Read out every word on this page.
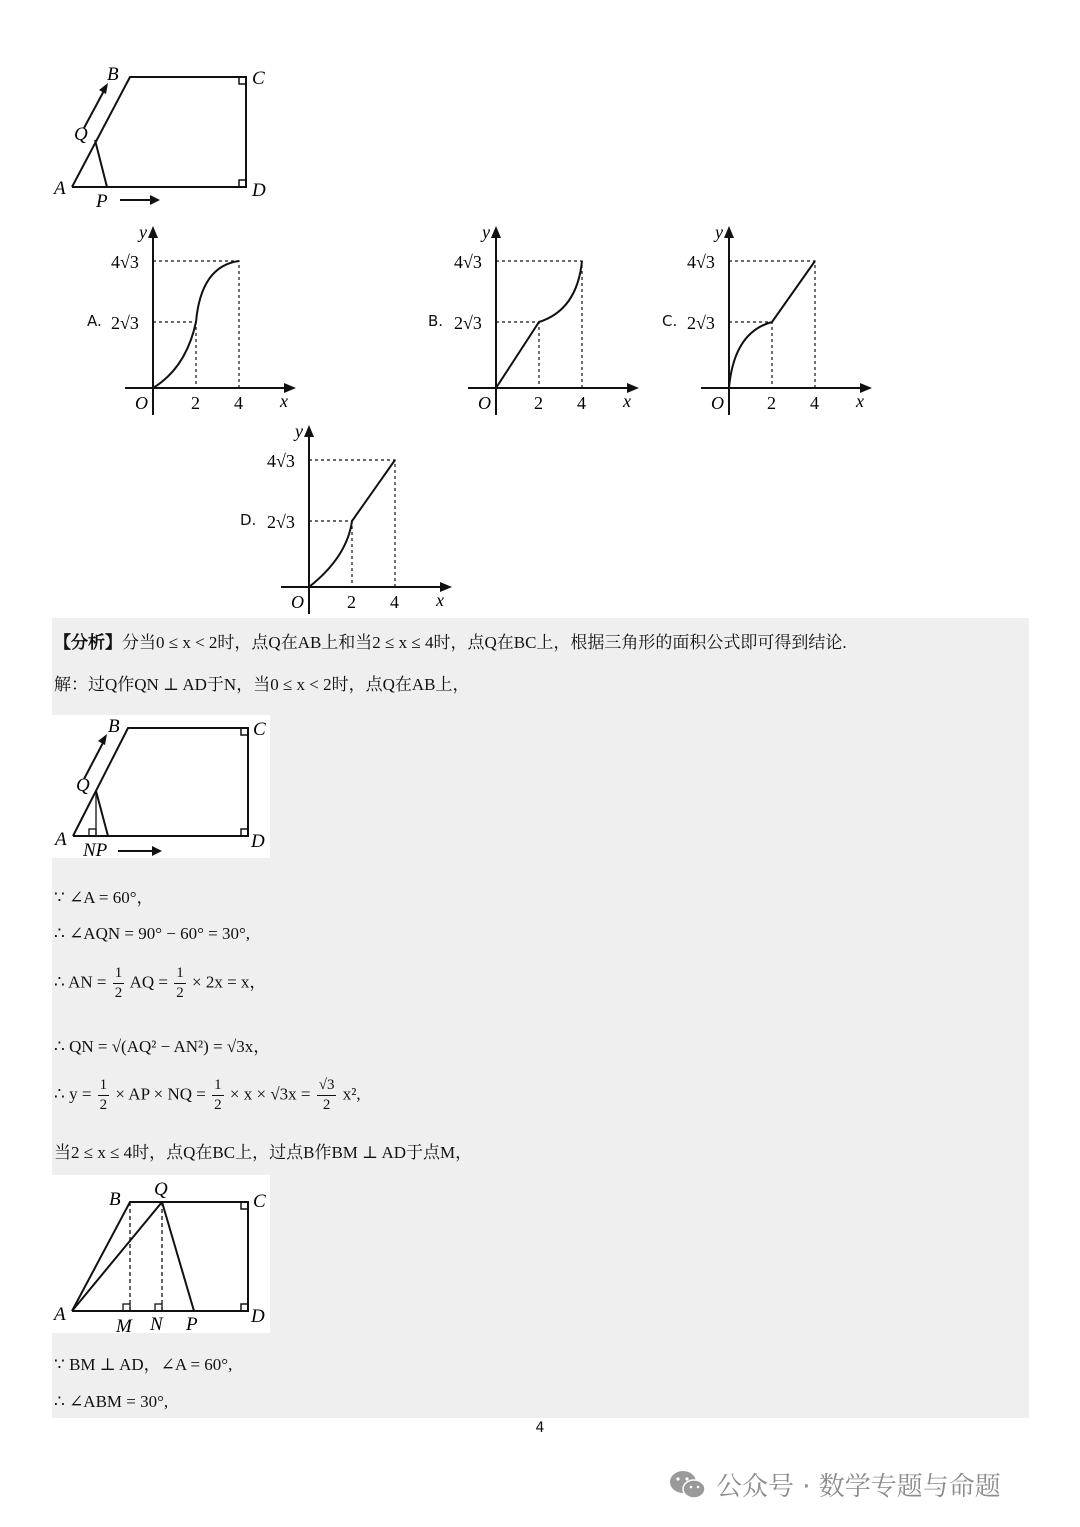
B	C
A	D
Q
P
A.	B.	C.
D.
4√3
2√3
2 4
O	x
y
4√3
2√3
2 4
O	x
y
4√3
2√3
2 4
O	x
y
4√3
2√3
2 4
O	x
y
【分析】分当0 ≤ x < 2时，点Q在AB上和当2 ≤ x ≤ 4时，点Q在BC上，根据三角形的面积公式即可得到结论.
解：过Q作QN ⊥ AD于N，当0 ≤ x < 2时，点Q在AB上，
B	C
A	D
Q
NP
∵ ∠A = 60°，
∴ ∠AQN = 90° − 60° = 30°,
∴ AN = $\frac{1}{2}$ AQ = $\frac{1}{2} \times 2x = x$，
∴ QN = √(AQ² − AN²) = √3x，
∴ $y = \frac{1}{2}$ × AP × NQ = $\frac{1}{2} \times x \times √3x = \frac{√3}{2} x^2$,
当2 ≤ x ≤ 4时，点Q在BC上，过点B作BM ⊥ AD于点M，
B Q
C
A	D
M N P
∵ BM ⊥ AD，∠A = 60°,
∴ ∠ABM = 30°,
4
公众号 · 数学专题与命题
